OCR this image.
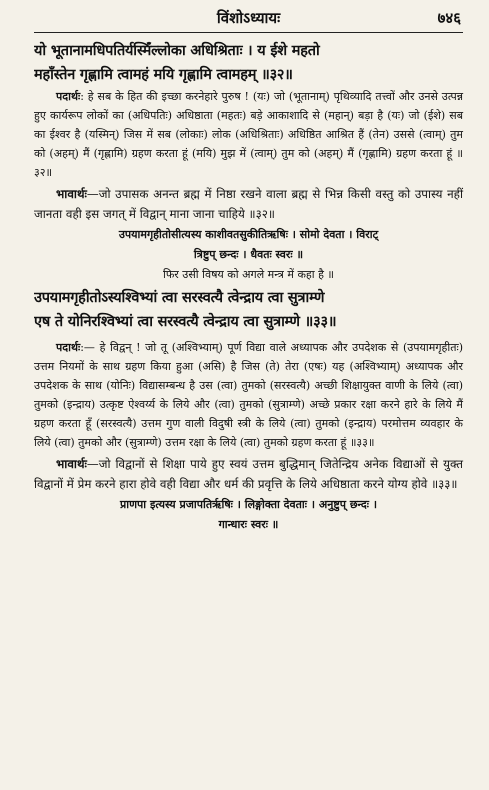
विंशोऽध्यायः	७४६
यो भूतानामधिपतिर्यस्मिँल्लोका अधिश्रिताः । य ईशे महतो
महाँस्तेन गृह्णामि त्वामहं मयि गृह्णामि त्वामहम् ॥३२॥

पदार्थः: हे सब के हित की इच्छा करनेहारे पुरुष ! (यः) जो (भूतानाम्) पृथिव्यादि तत्त्वों और उनसे उत्पन्न हुए कार्यरूप लोकों का (अधिपतिः) अधिष्ठाता (महतः) बड़े आकाशादि से (महान्) बड़ा है (यः) जो (ईशे) सब का ईश्वर है (यस्मिन्) जिस में सब (लोकाः) लोक (अधिश्रिताः) अधिष्ठित आश्रित हैं (तेन) उससे (त्वाम्) तुम को (अहम्) मैं (गृह्णामि) ग्रहण करता हूं (मयि) मुझ में (त्वाम्) तुम को (अहम्) मैं (गृह्णामि) ग्रहण करता हूं ॥३२॥

भावार्थः—जो उपासक अनन्त ब्रह्म में निष्ठा रखने वाला ब्रह्म से भिन्न किसी वस्तु को उपास्य नहीं जानता वही इस जगत् में विद्वान् माना जाना चाहिये ॥३२॥

उपयामगृहीतोसीत्यस्य काशीवतसुकीतिऋषिः । सोमो देवता । विराट्
त्रिष्टुप् छन्दः । धैवतः स्वरः ॥
फिर उसी विषय को अगले मन्त्र में कहा है ॥
उपयामगृहीतोऽस्यश्विभ्यां त्वा सरस्वत्यै त्वेन्द्राय त्वा सुत्राम्णे
एष ते योनिरश्विभ्यां त्वा सरस्वत्यै त्वेन्द्राय त्वा सुत्राम्णे ॥३३॥

पदार्थः:— हे विद्वन् ! जो तू (अश्विभ्याम्) पूर्ण विद्या वाले अध्यापक और उपदेशक से (उपयामगृहीतः) उत्तम नियमों के साथ ग्रहण किया हुआ (असि) है जिस (ते) तेरा (एषः) यह (अश्विभ्याम्) अध्यापक और उपदेशक के साथ (योनिः) विद्यासम्बन्ध है उस (त्वा) तुमको (सरस्वत्यै) अच्छी शिक्षायुक्त वाणी के लिये (त्वा) तुमको (इन्द्राय) उत्कृष्ट ऐश्वर्य्य के लिये और (त्वा) तुमको (सुत्राम्णे) अच्छे प्रकार रक्षा करने हारे के लिये मैं ग्रहण करता हूँ (सरस्वत्यै) उत्तम गुण वाली विदुषी स्त्री के लिये (त्वा) तुमको (इन्द्राय) परमोत्तम व्यवहार के लिये (त्वा) तुमको और (सुत्राम्णे) उत्तम रक्षा के लिये (त्वा) तुमको ग्रहण करता हूं ॥३३॥

भावार्थः—जो विद्वानों से शिक्षा पाये हुए स्वयं उत्तम बुद्धिमान् जितेन्द्रिय अनेक विद्याओं से युक्त विद्वानों में प्रेम करने हारा होवे वही विद्या और धर्म की प्रवृत्ति के लिये अधिष्ठाता करने योग्य होवे ॥३३॥

प्राणपा इत्यस्य प्रजापतिर्ऋषिः । लिङ्गोक्ता देवताः । अनुष्टुप् छन्दः ।
गान्धारः स्वरः ॥
